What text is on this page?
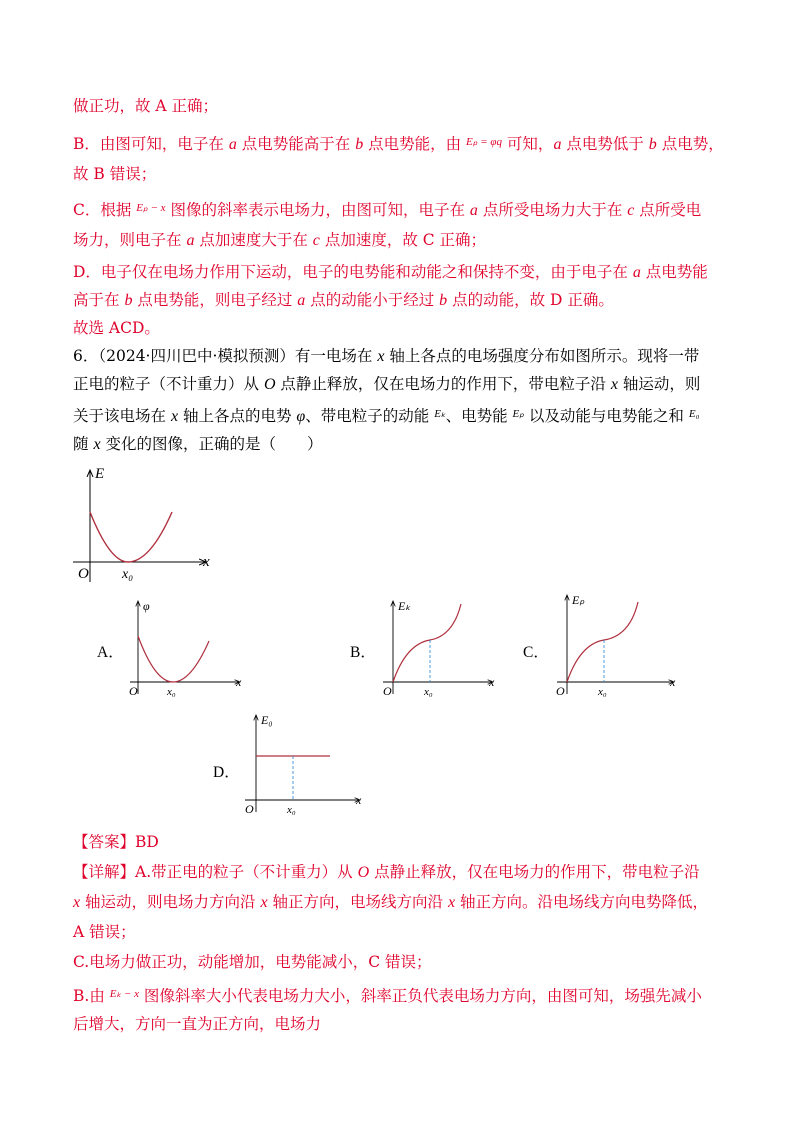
做正功，故 A 正确；
B．由图可知，电子在 a 点电势能高于在 b 点电势能，由 $^{E_p = \varphi q}$ 可知，a 点电势低于 b 点电势，
故 B 错误；
C．根据 $^{E_p - x}$ 图像的斜率表示电场力，由图可知，电子在 a 点所受电场力大于在 c 点所受电
场力，则电子在 a 点加速度大于在 c 点加速度，故 C 正确；
D．电子仅在电场力作用下运动，电子的电势能和动能之和保持不变，由于电子在 a 点电势能
高于在 b 点电势能，则电子经过 a 点的动能小于经过 b 点的动能，故 D 正确。
故选 ACD。
6．（2024·四川巴中·模拟预测）有一电场在 x 轴上各点的电场强度分布如图所示。现将一带
正电的粒子（不计重力）从 O 点静止释放，仅在电场力的作用下，带电粒子沿 x 轴运动，则
关于该电场在 x 轴上各点的电势 φ、带电粒子的动能 $^{E_k}$、电势能 $^{E_p}$ 以及动能与电势能之和 $^{E_0}$
随 x 变化的图像，正确的是（　　）
E
x
O x₀
A．
φ
x
O	x₀
B．
Eₖ
x
O	x₀
C．
Eₚ
x
O	x₀
D．
E₀
x
O	x₀
【答案】BD
【详解】A.带正电的粒子（不计重力）从 O 点静止释放，仅在电场力的作用下，带电粒子沿
x 轴运动，则电场力方向沿 x 轴正方向，电场线方向沿 x 轴正方向。沿电场线方向电势降低，
A 错误；
C.电场力做正功，动能增加，电势能减小，C 错误；
B.由 $^{E_k - x}$ 图像斜率大小代表电场力大小，斜率正负代表电场力方向，由图可知，场强先减小
后增大，方向一直为正方向，电场力
